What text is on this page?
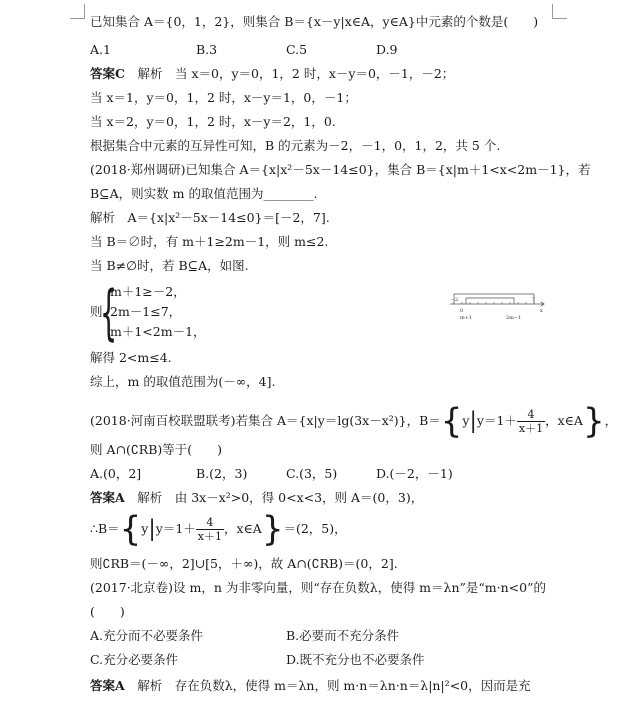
已知集合 A＝{0，1，2}，则集合 B＝{x－y|x∈A，y∈A}中元素的个数是(　　)
A.1	B.3	C.5	D.9
答案C　解析　当 x＝0，y＝0，1，2 时，x－y＝0，－1，－2；
当 x＝1，y＝0，1，2 时，x－y＝1，0，－1；
当 x＝2，y＝0，1，2 时，x－y＝2，1，0.
根据集合中元素的互异性可知，B 的元素为－2，－1，0，1，2，共 5 个.
(2018·郑州调研)已知集合 A＝{x|x²－5x－14≤0}，集合 B＝{x|m＋1<x<2m－1}，若
B⊆A，则实数 m 的取值范围为________.
解析　A＝{x|x²－5x－14≤0}＝[－2，7].
当 B＝∅时，有 m＋1≥2m－1，则 m≤2.
当 B≠∅时，若 B⊆A，如图.
则
{
m＋1≥－2，
2m－1≤7，
m＋1<2m－1，
－2
0
m+1	2m−1
7
x
解得 2<m≤4.
综上，m 的取值范围为(－∞，4].
(2018·河南百校联盟联考)若集合 A＝{x|y＝lg(3x－x²)}，$B=\{y|y=1+ \frac{4}{x+1}$ ，x∈A}，
则 A∩(∁RB)等于(　　)
A.(0，2]	B.(2，3)	C.(3，5)	D.(－2，－1)
答案A　解析　由 3x－x²>0，得 0<x<3，则 A＝(0，3)，
∴B＝{y|y＝1＋ $\frac{4}{x+1}$ ，x∈A}＝(2，5)，
则∁RB＝(－∞，2]∪[5，＋∞)，故 A∩(∁RB)＝(0，2].
(2017·北京卷)设 m，n 为非零向量，则“存在负数λ，使得 m＝λn”是“m·n<0”的
(　　)
A.充分而不必要条件	B.必要而不充分条件
C.充分必要条件	D.既不充分也不必要条件
答案A　解析　存在负数λ，使得 m＝λn，则 m·n＝λn·n＝λ|n|²<0，因而是充
